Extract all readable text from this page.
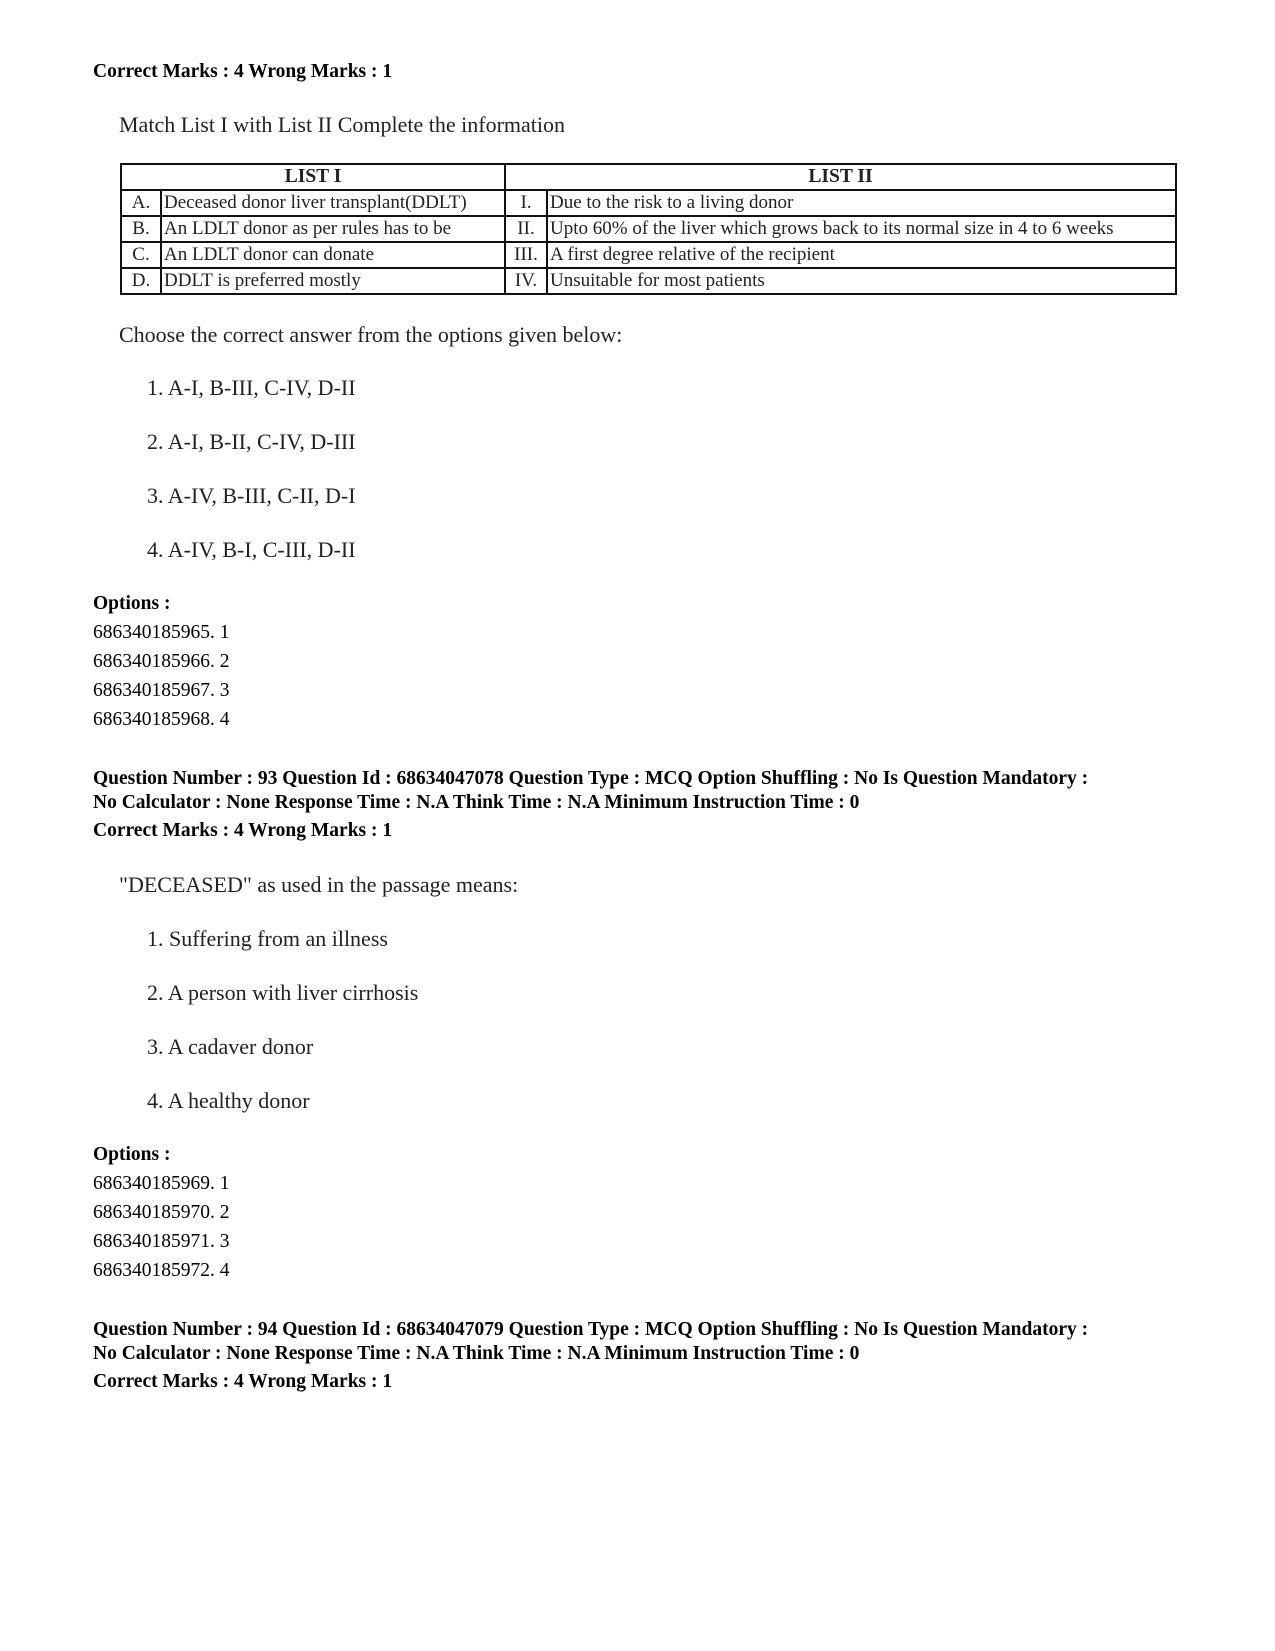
Correct Marks : 4 Wrong Marks : 1
Match List I with List II Complete the information
LIST I		LIST II	
A.	Deceased donor liver transplant(DDLT)	I.	Due to the risk to a living donor
B.	An LDLT donor as per rules has to be	II.	Upto 60% of the liver which grows back to its normal size in 4 to 6 weeks
C.	An LDLT donor can donate	III.	A first degree relative of the recipient
D.	DDLT is preferred mostly	IV.	Unsuitable for most patients
Choose the correct answer from the options given below:
1. A-I, B-III, C-IV, D-II
2. A-I, B-II, C-IV, D-III
3. A-IV, B-III, C-II, D-I
4. A-IV, B-I, C-III, D-II
Options :
686340185965. 1
686340185966. 2
686340185967. 3
686340185968. 4
Question Number : 93 Question Id : 68634047078 Question Type : MCQ Option Shuffling : No Is Question Mandatory :
No Calculator : None Response Time : N.A Think Time : N.A Minimum Instruction Time : 0
Correct Marks : 4 Wrong Marks : 1
"DECEASED" as used in the passage means:
1. Suffering from an illness
2. A person with liver cirrhosis
3. A cadaver donor
4. A healthy donor
Options :
686340185969. 1
686340185970. 2
686340185971. 3
686340185972. 4
Question Number : 94 Question Id : 68634047079 Question Type : MCQ Option Shuffling : No Is Question Mandatory :
No Calculator : None Response Time : N.A Think Time : N.A Minimum Instruction Time : 0
Correct Marks : 4 Wrong Marks : 1
